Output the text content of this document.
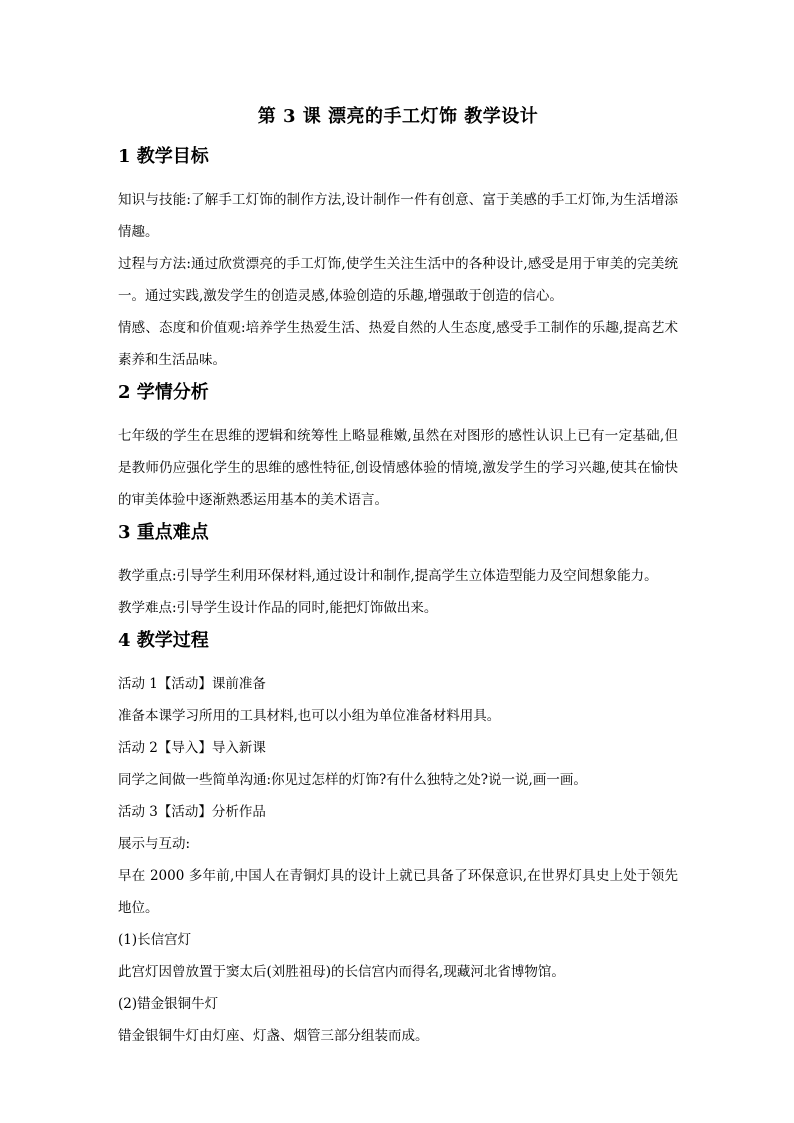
第 3 课 漂亮的手工灯饰 教学设计
1 教学目标

知识与技能:了解手工灯饰的制作方法,设计制作一件有创意、富于美感的手工灯饰,为生活增添情趣。

过程与方法:通过欣赏漂亮的手工灯饰,使学生关注生活中的各种设计,感受是用于审美的完美统一。通过实践,激发学生的创造灵感,体验创造的乐趣,增强敢于创造的信心。

情感、态度和价值观:培养学生热爱生活、热爱自然的人生态度,感受手工制作的乐趣,提高艺术素养和生活品味。

2 学情分析

七年级的学生在思维的逻辑和统筹性上略显稚嫩,虽然在对图形的感性认识上已有一定基础,但是教师仍应强化学生的思维的感性特征,创设情感体验的情境,激发学生的学习兴趣,使其在愉快的审美体验中逐渐熟悉运用基本的美术语言。

3 重点难点

教学重点:引导学生利用环保材料,通过设计和制作,提高学生立体造型能力及空间想象能力。

教学难点:引导学生设计作品的同时,能把灯饰做出来。

4 教学过程

活动 1【活动】课前准备

准备本课学习所用的工具材料,也可以小组为单位准备材料用具。

活动 2【导入】导入新课

同学之间做一些简单沟通:你见过怎样的灯饰?有什么独特之处?说一说,画一画。

活动 3【活动】分析作品

展示与互动:

早在 2000 多年前,中国人在青铜灯具的设计上就已具备了环保意识,在世界灯具史上处于领先地位。

(1)长信宫灯

此宫灯因曾放置于窦太后(刘胜祖母)的长信宫内而得名,现藏河北省博物馆。

(2)错金银铜牛灯

错金银铜牛灯由灯座、灯盏、烟管三部分组装而成。
